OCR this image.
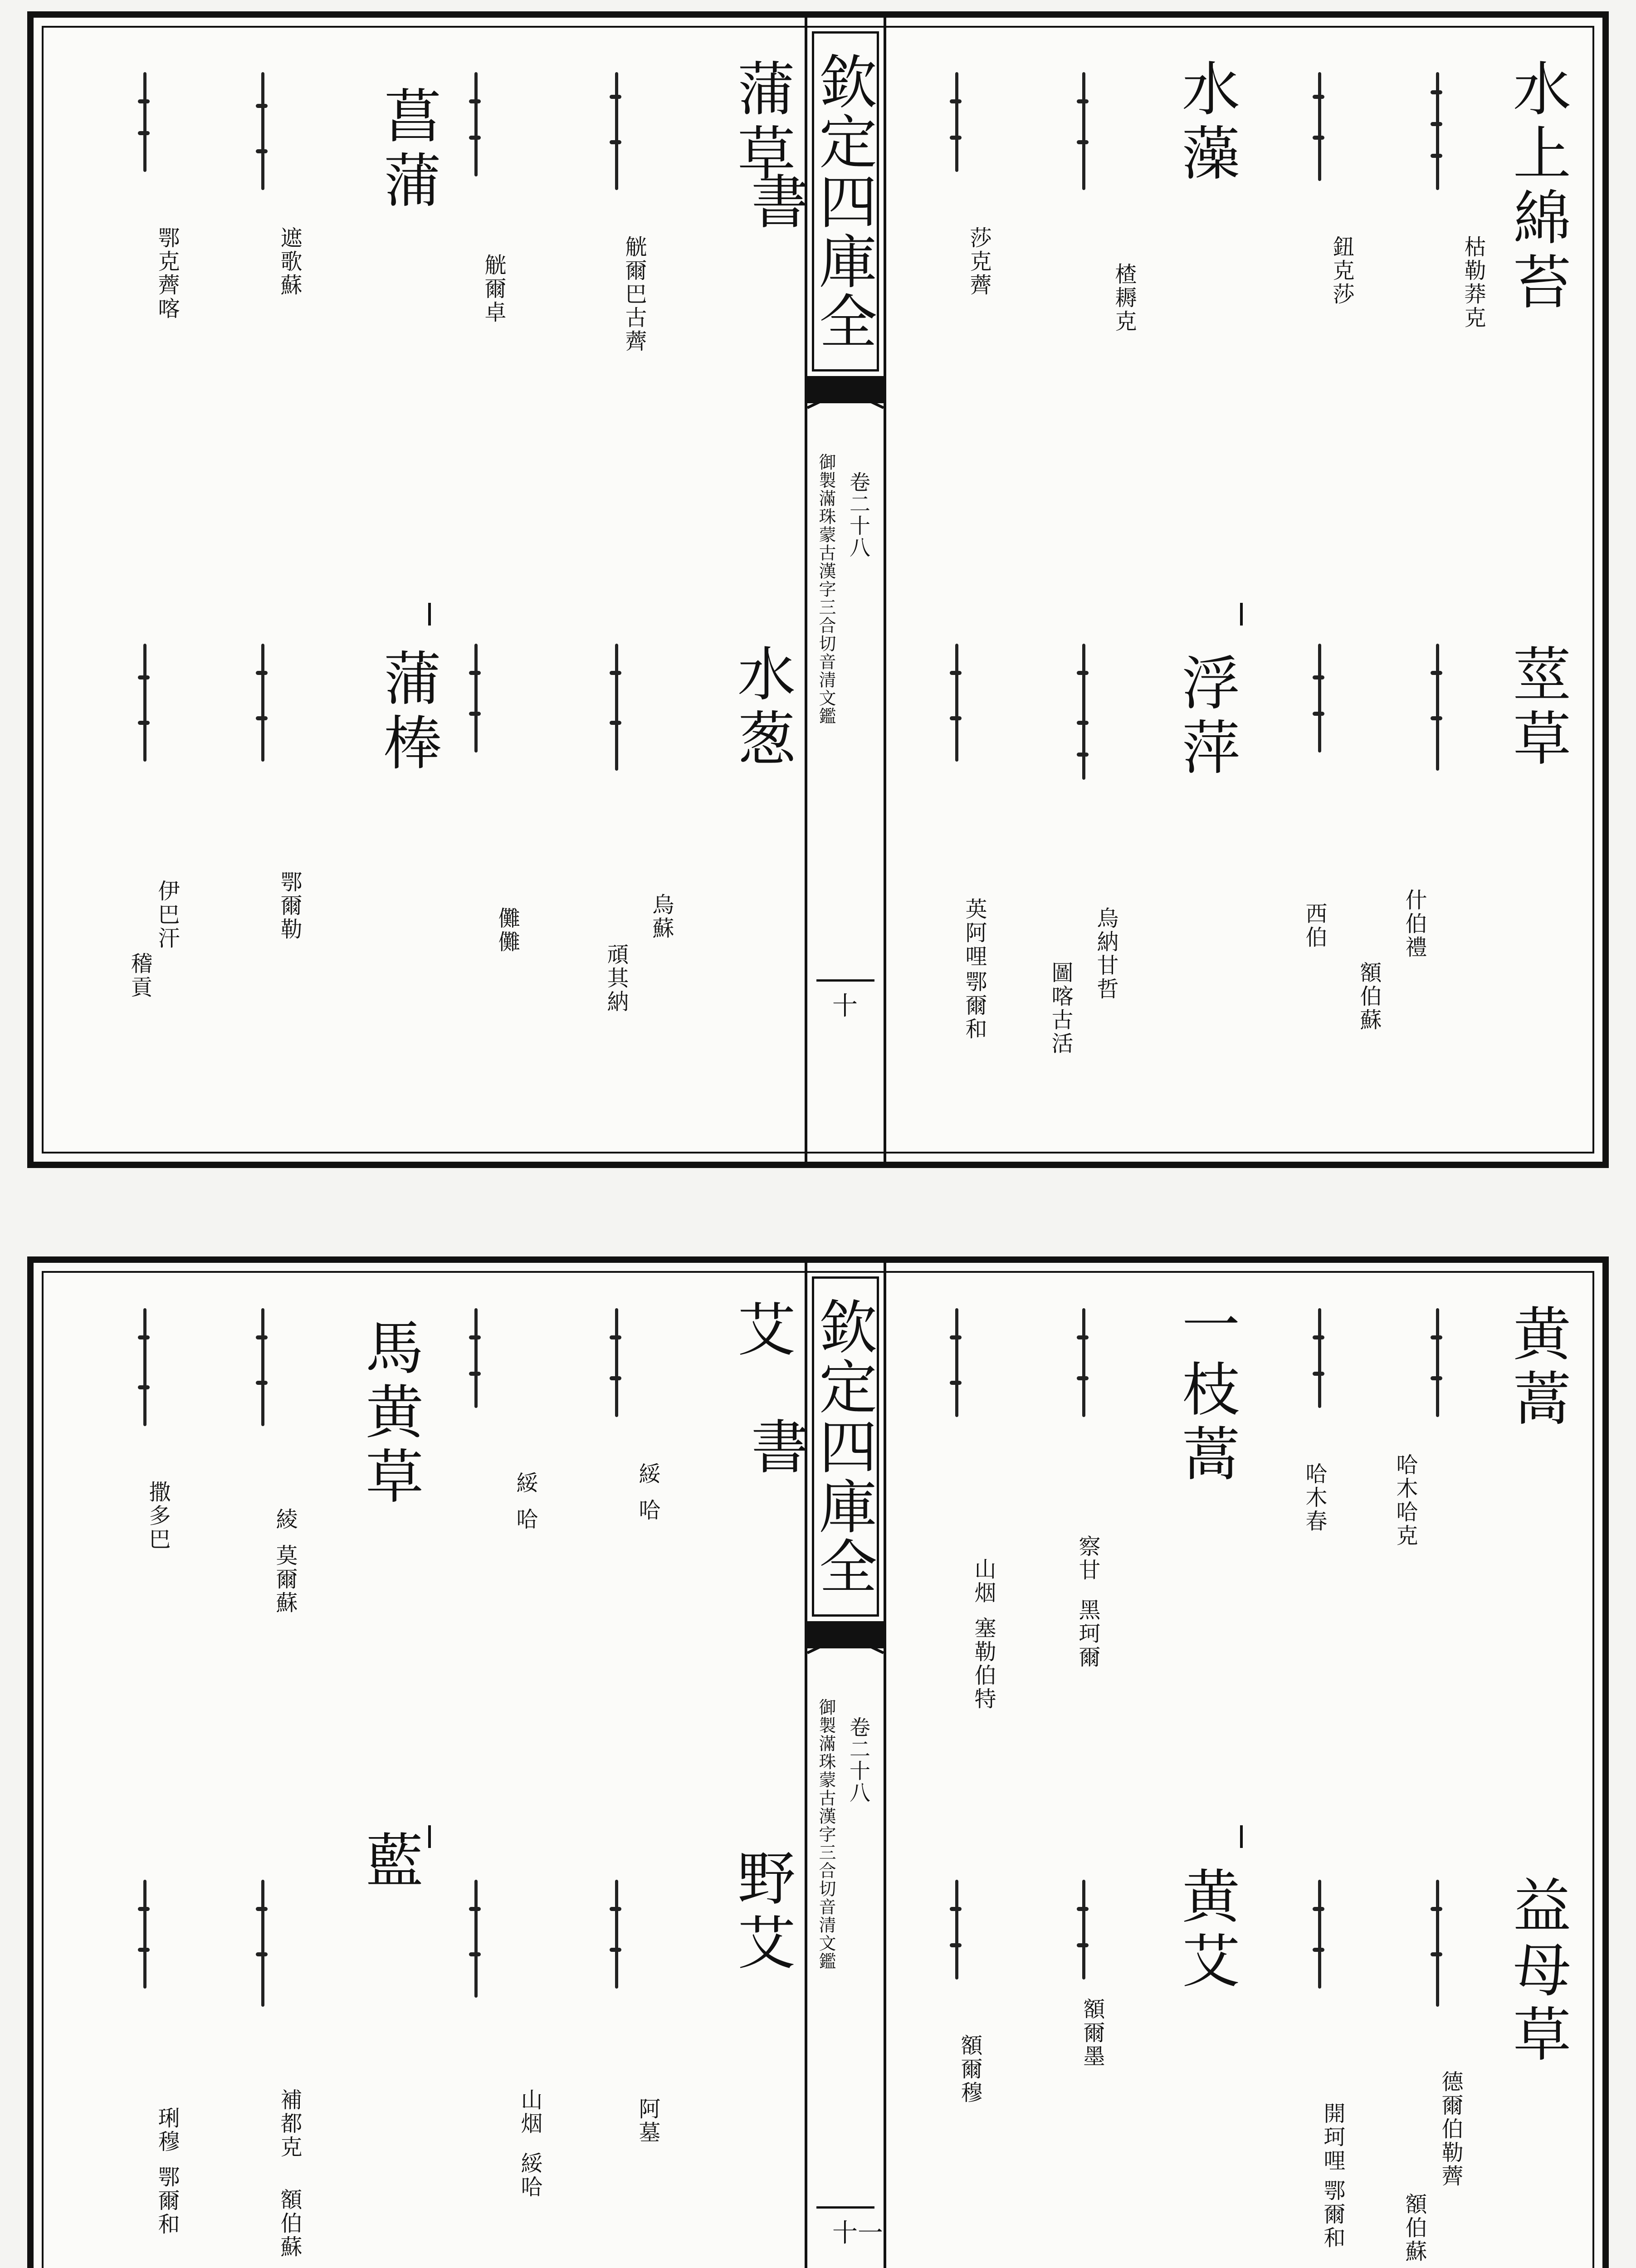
欽定四庫全書
御製滿珠蒙古漢字三合切音清文鑑 卷二十八
十
水上綿苔
枯勒莽克
鈕克莎
水藻
楂耨克
莎克薺
莖草
什伯禮
額伯蘇
西伯
浮萍
烏納甘哲
圖喀古活
英阿哩
鄂爾和
蒲草
觥爾巴古薺
觥爾卓
菖蒲
遮歌蘇
鄂克薺喀
水葱
烏蘇
頑其納
儺儺
蒲棒
鄂爾勒
伊巴汗
稽貢
欽定四庫全書
御製滿珠蒙古漢字三合切音清文鑑 卷二十八
十一
黄蒿
哈木哈克
哈木春
一枝蒿
察甘
黑珂爾
山烟
塞勒伯特
益母草
德爾伯勒薺
額伯蘇
開珂哩
鄂爾和
黄艾
額爾墨
額爾穆
艾
綏
哈
綏
哈
馬黄草
綾
莫爾蘇
撒多巴
野艾
阿墓
山烟
綏哈
藍
補都克
額伯蘇
琍穆
鄂爾和
